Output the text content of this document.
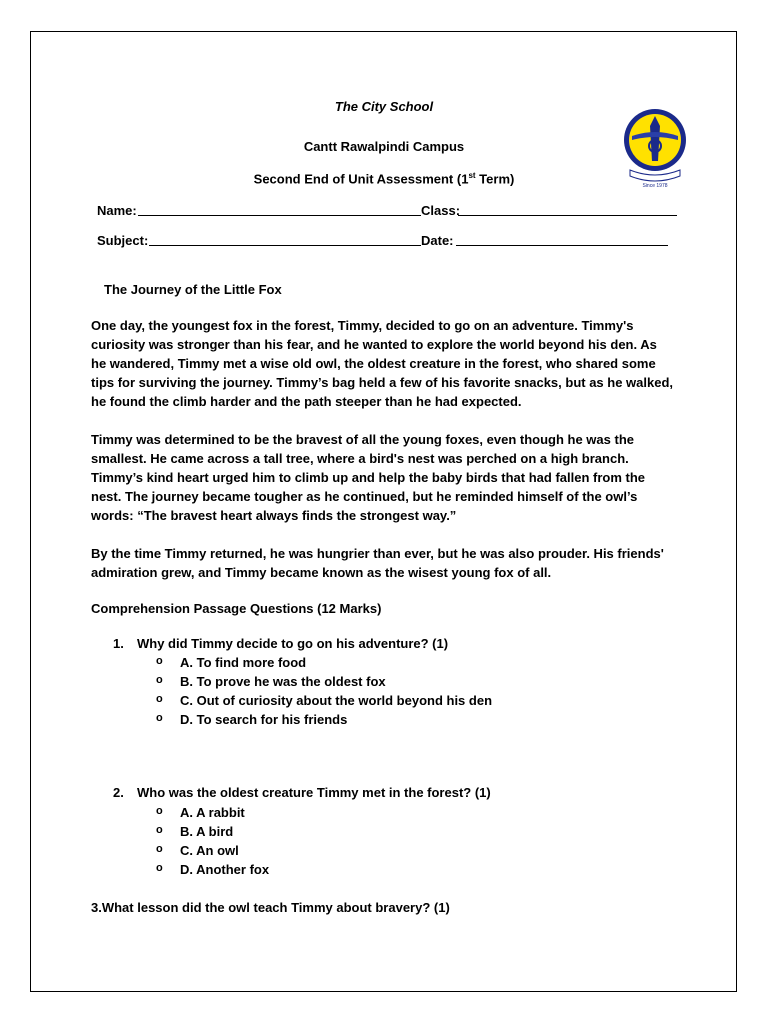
The City School
Cantt Rawalpindi Campus
Second End of Unit Assessment (1st Term)	Since 1978
Name:	Class:
Subject:	Date:
The Journey of the Little Fox
One day, the youngest fox in the forest, Timmy, decided to go on an adventure. Timmy's
curiosity was stronger than his fear, and he wanted to explore the world beyond his den. As
he wandered, Timmy met a wise old owl, the oldest creature in the forest, who shared some
tips for surviving the journey. Timmy’s bag held a few of his favorite snacks, but as he walked,
he found the climb harder and the path steeper than he had expected.
Timmy was determined to be the bravest of all the young foxes, even though he was the
smallest. He came across a tall tree, where a bird's nest was perched on a high branch.
Timmy’s kind heart urged him to climb up and help the baby birds that had fallen from the
nest. The journey became tougher as he continued, but he reminded himself of the owl’s
words: “The bravest heart always finds the strongest way.”
By the time Timmy returned, he was hungrier than ever, but he was also prouder. His friends'
admiration grew, and Timmy became known as the wisest young fox of all.
Comprehension Passage Questions (12 Marks)
1. Why did Timmy decide to go on his adventure? (1)
o A. To find more food
o B. To prove he was the oldest fox
o C. Out of curiosity about the world beyond his den
o D. To search for his friends
2. Who was the oldest creature Timmy met in the forest? (1)
o A. A rabbit
o B. A bird
o C. An owl
o D. Another fox
3.What lesson did the owl teach Timmy about bravery? (1)
